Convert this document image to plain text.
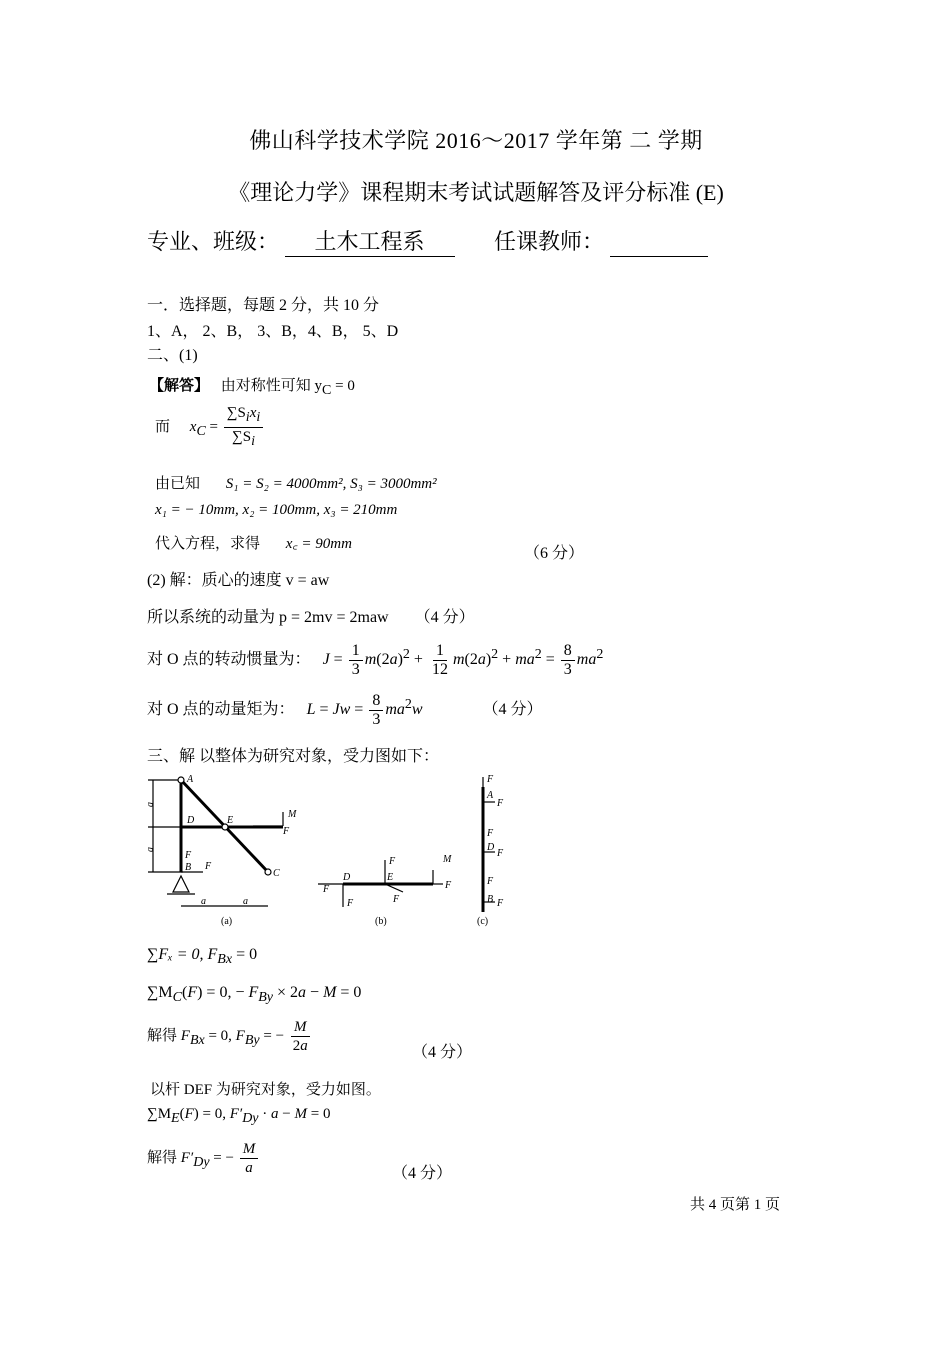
佛山科学技术学院 2016～2017 学年第 二 学期
《理论力学》课程期末考试试题解答及评分标准 (E)
专业、班级： 土木工程系	任课教师：
一．选择题，每题 2 分，共 10 分
1、A， 2、B， 3、B，4、B， 5、D
二、(1)
【解答】 由对称性可知 $y_C = 0$
而 $x_C = \frac{\sum S_ix_i}{\sum S_i}$
由已知 S₁ = S₂ = 4000mm², S₃ = 3000mm²
x₁ = − 10mm, x₂ = 100mm, x₃ = 210mm
代入方程，求得 x꜀ = 90mm
（6 分）
(2) 解：质心的速度 v = aw
所以系统的动量为 p = 2mv = 2maw （4 分）
对 O 点的转动惯量为： $J = \frac{1}{3} m(2a)^2 + \frac{1}{12} m(2a)^2 + ma^2 = \frac{8}{3} ma^2$
对 O 点的动量矩为： $L = Jw = \frac{8}{3} ma^2w$	（4 分）
三、解 以整体为研究对象，受力图如下：
A
D	E
C
B
M
F
F
F
D	E
F
M
F
F
F
F
A
F
F
D
F
F
B
F
F
a
a
a	a
(a)	(b)	(c)
∑Fₓ = 0, $F_{Bx} = 0$
$\sum M_C(F) = 0$, − $F_{By} \times 2a - M = 0$
解得 $F_{Bx} = 0$, $F_{By}$ = − $\frac{M}{2a}$	（4 分）
以杆 DEF 为研究对象，受力如图。
$\sum M_E(F) = 0$, $F'_{Dy} \cdot a - M = 0$
解得 $F'_{Dy}$ = − $\frac{M}{a}$	（4 分）
共 4 页第 1 页
